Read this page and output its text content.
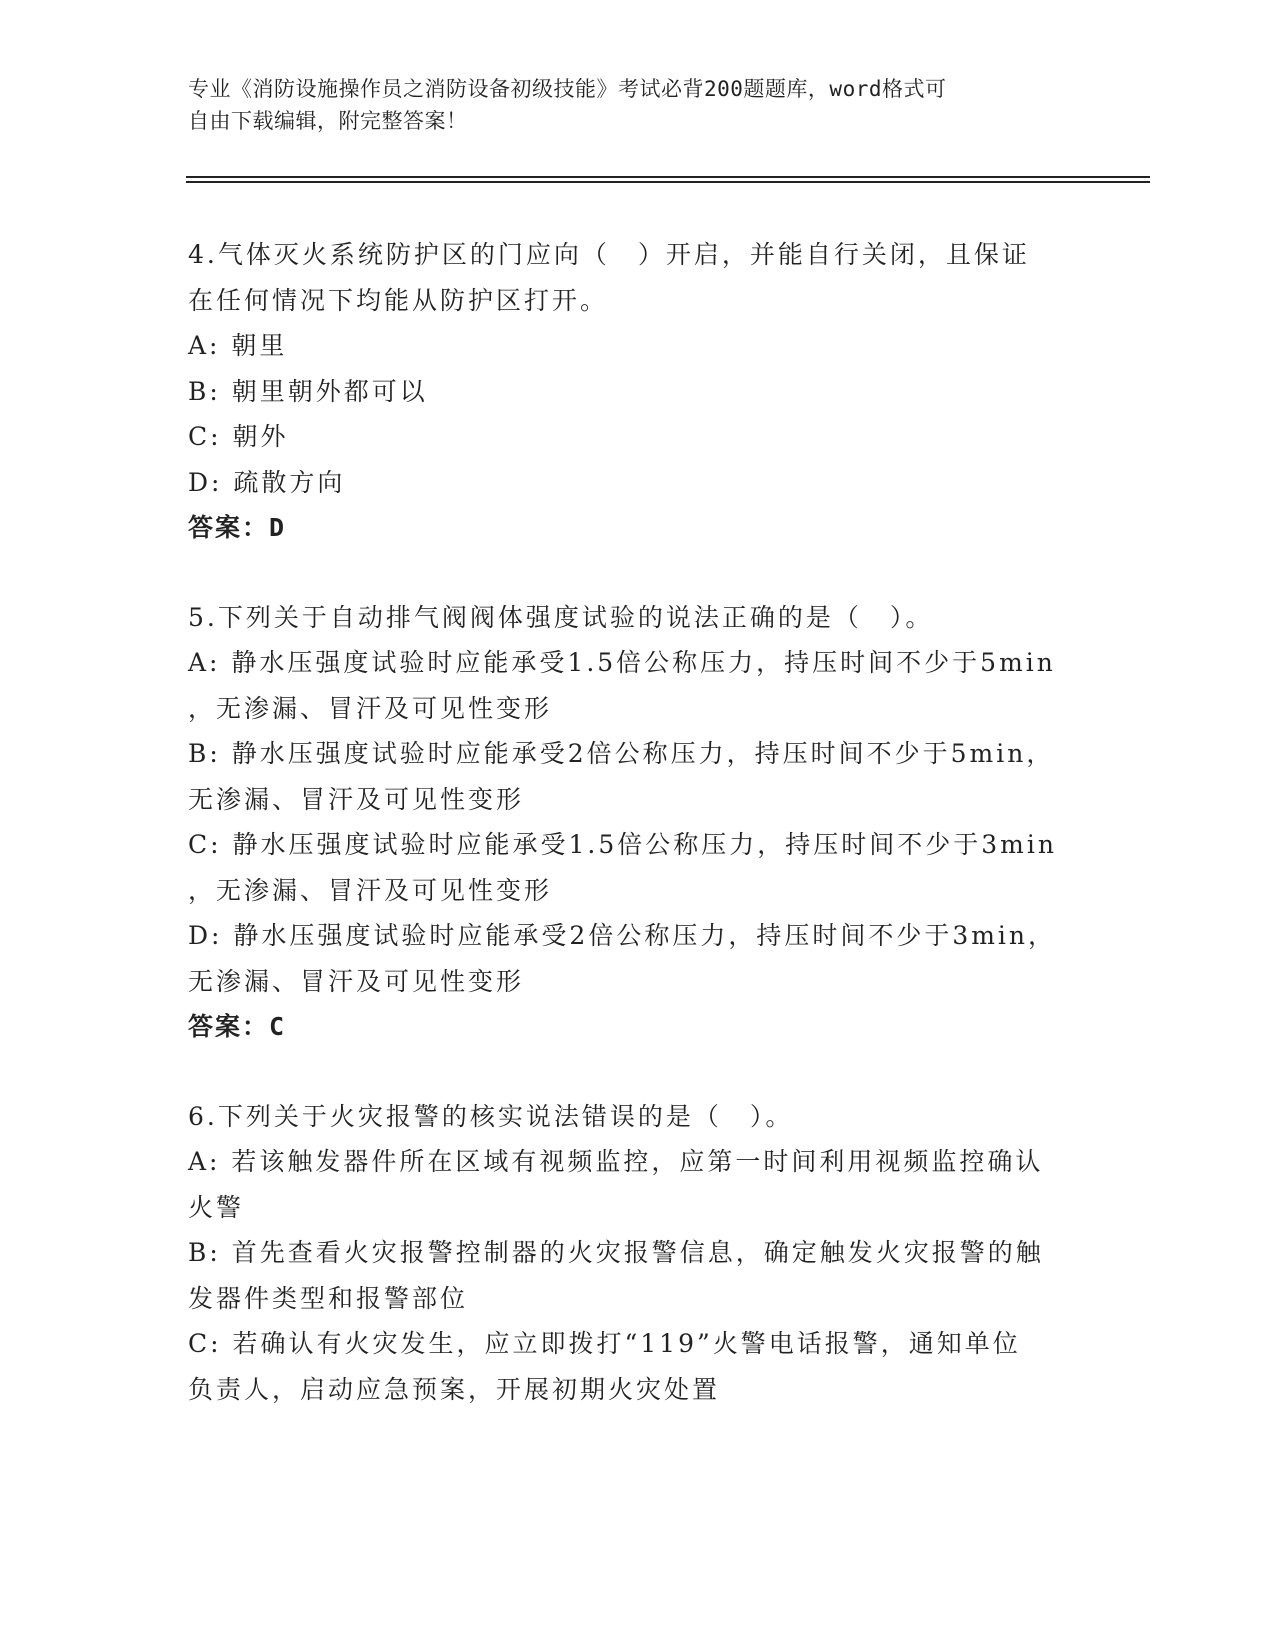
专业《消防设施操作员之消防设备初级技能》考试必背200题题库，word格式可
自由下载编辑，附完整答案！
4.气体灭火系统防护区的门应向（　）开启，并能自行关闭，且保证
在任何情况下均能从防护区打开。
A: 朝里
B: 朝里朝外都可以
C: 朝外
D: 疏散方向
答案：D
5.下列关于自动排气阀阀体强度试验的说法正确的是（　）。
A: 静水压强度试验时应能承受1.5倍公称压力，持压时间不少于5min
，无渗漏、冒汗及可见性变形
B: 静水压强度试验时应能承受2倍公称压力，持压时间不少于5min，
无渗漏、冒汗及可见性变形
C: 静水压强度试验时应能承受1.5倍公称压力，持压时间不少于3min
，无渗漏、冒汗及可见性变形
D: 静水压强度试验时应能承受2倍公称压力，持压时间不少于3min，
无渗漏、冒汗及可见性变形
答案：C
6.下列关于火灾报警的核实说法错误的是（　）。
A: 若该触发器件所在区域有视频监控，应第一时间利用视频监控确认
火警
B: 首先查看火灾报警控制器的火灾报警信息，确定触发火灾报警的触
发器件类型和报警部位
C: 若确认有火灾发生，应立即拨打“119”火警电话报警，通知单位
负责人，启动应急预案，开展初期火灾处置
